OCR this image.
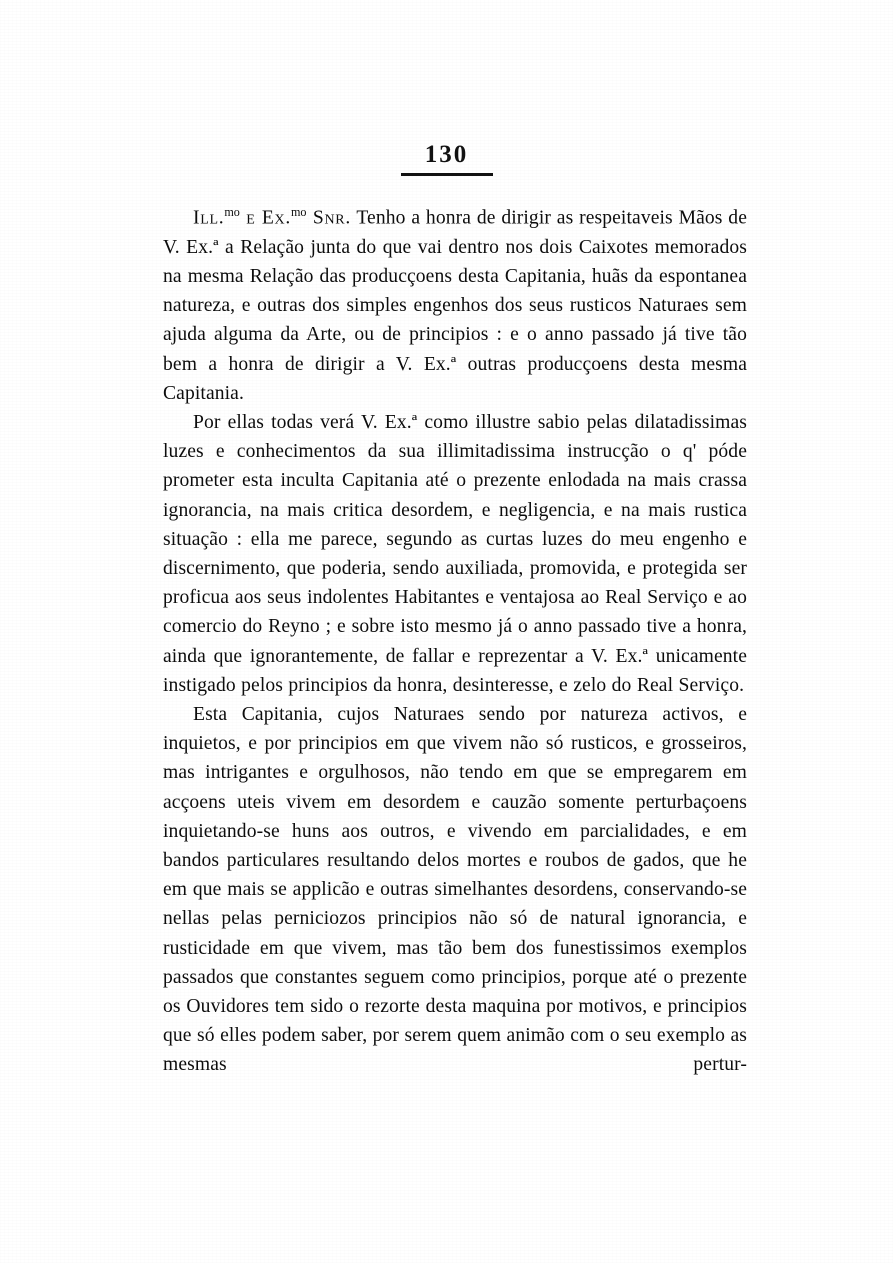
130

Ill.$^{mo}$ e Ex.$^{mo}$ Snr. Tenho a honra de dirigir as respeitaveis Mãos de V. Ex.ª a Relação junta do que vai dentro nos dois Caixotes memorados na mesma Relação das producçoens desta Capitania, huãs da espontanea natureza, e outras dos simples engenhos dos seus rusticos Naturaes sem ajuda alguma da Arte, ou de principios : e o anno passado já tive tão bem a honra de dirigir a V. Ex.ª outras producçoens desta mesma Capitania.

Por ellas todas verá V. Ex.ª como illustre sabio pelas dilatadissimas luzes e conhecimentos da sua illimitadissima instrucção o q' póde prometer esta inculta Capitania até o prezente enlodada na mais crassa ignorancia, na mais critica desordem, e negligencia, e na mais rustica situação : ella me parece, segundo as curtas luzes do meu engenho e discernimento, que poderia, sendo auxiliada, promovida, e protegida ser proficua aos seus indolentes Habitantes e ventajosa ao Real Serviço e ao comercio do Reyno ; e sobre isto mesmo já o anno passado tive a honra, ainda que ignorantemente, de fallar e reprezentar a V. Ex.ª unicamente instigado pelos principios da honra, desinteresse, e zelo do Real Serviço.

Esta Capitania, cujos Naturaes sendo por natureza activos, e inquietos, e por principios em que vivem não só rusticos, e grosseiros, mas intrigantes e orgulhosos, não tendo em que se empregarem em acçoens uteis vivem em desordem e cauzão somente perturbaçoens inquietando-se huns aos outros, e vivendo em parcialidades, e em bandos particulares resultando delos mortes e roubos de gados, que he em que mais se applicão e outras simelhantes desordens, conservando-se nellas pelas perniciozos principios não só de natural ignorancia, e rusticidade em que vivem, mas tão bem dos funestissimos exemplos passados que constantes seguem como principios, porque até o prezente os Ouvidores tem sido o rezorte desta maquina por motivos, e principios que só elles podem saber, por serem quem animão com o seu exemplo as mesmas pertur-
